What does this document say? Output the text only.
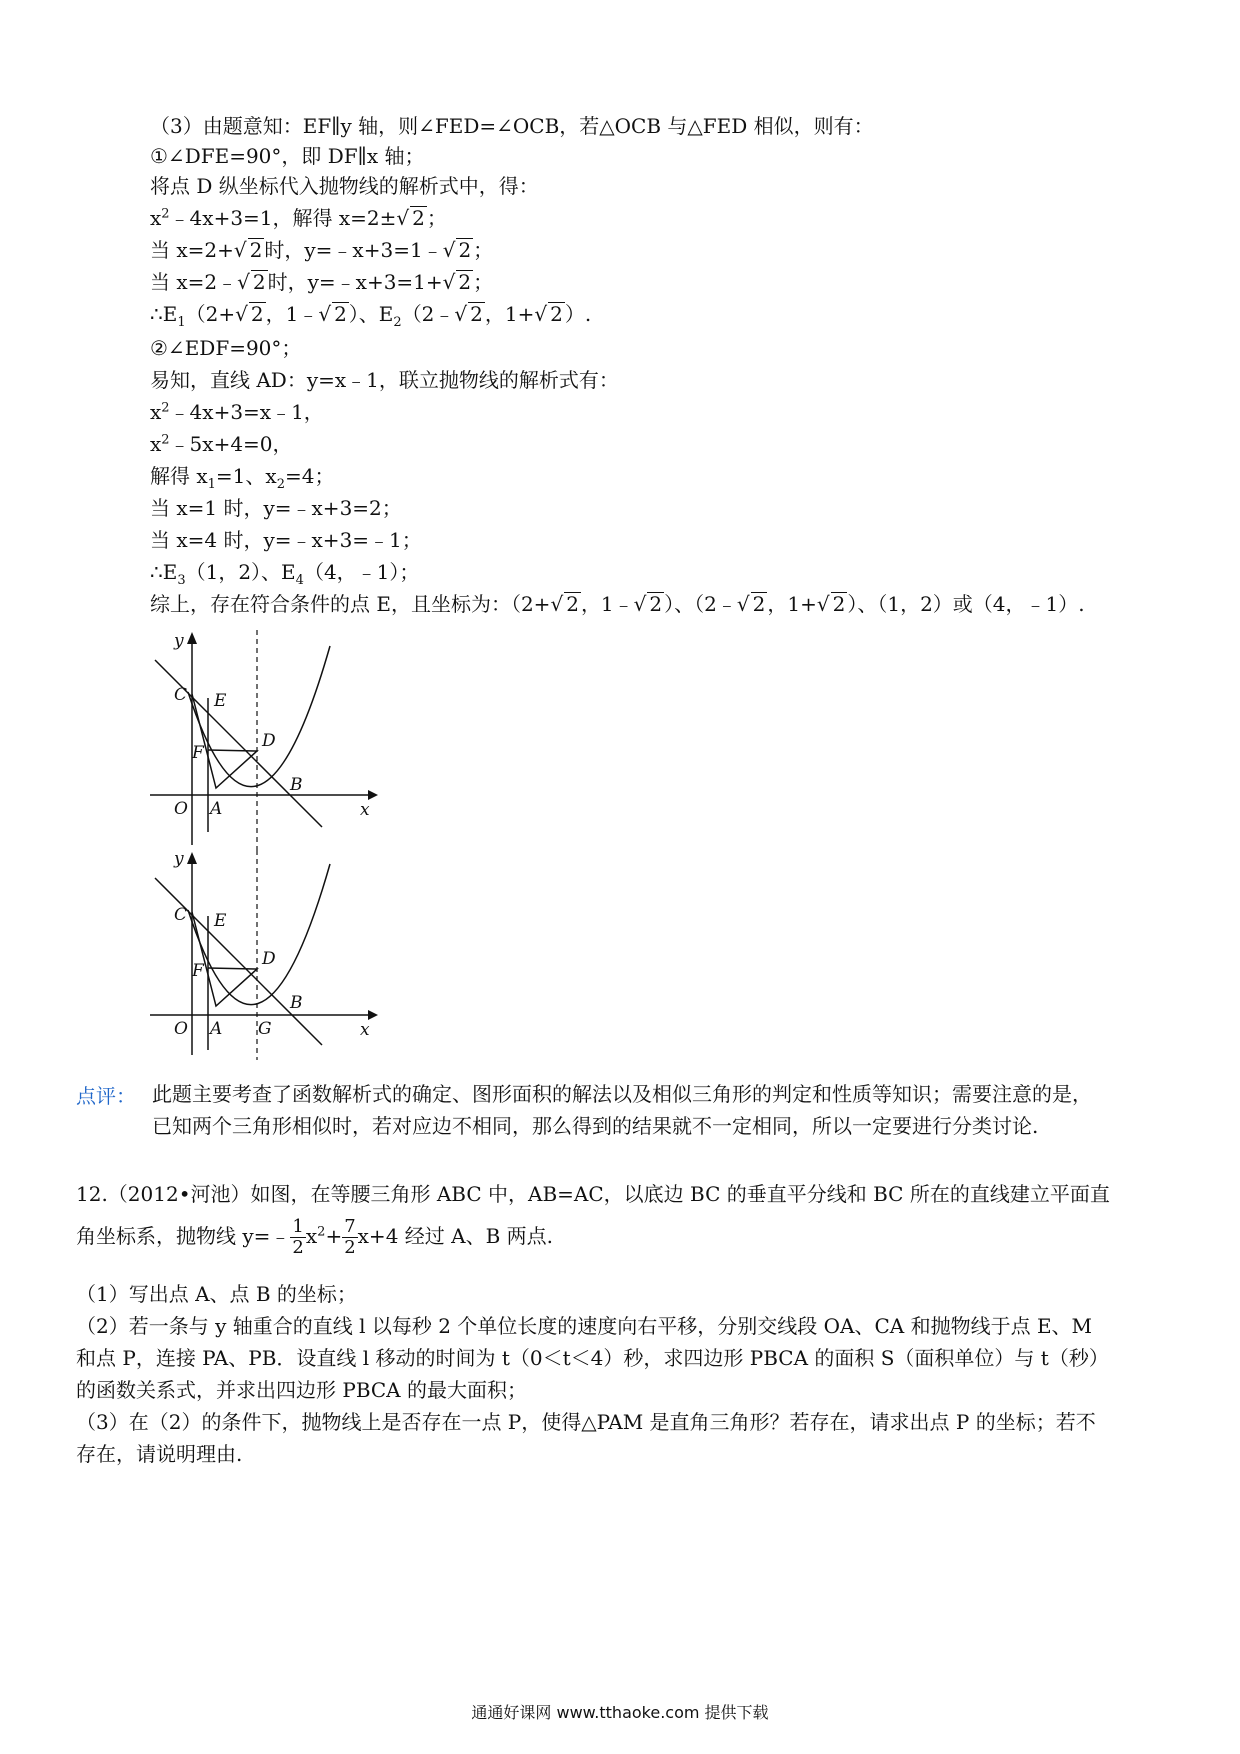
（3）由题意知：EF∥y 轴，则∠FED=∠OCB，若△OCB 与△FED 相似，则有：
①∠DFE=90°，即 DF∥x 轴；
将点 D 纵坐标代入抛物线的解析式中，得：
$x^2﹣4x+3=1$，解得 x=2±√ 2 ；
当 x=2+√ 2 时，y=﹣x+3=1﹣√ 2 ；
当 x=2﹣√ 2 时，y=﹣x+3=1+√ 2 ；
$\therefore E_1(2+√$ 2 ，1﹣√ 2 ）、$E_2(2﹣√$ 2 ，1+√ 2 ）.
②∠EDF=90°；
易知，直线 AD：y=x﹣1，联立抛物线的解析式有：
$x^2﹣4x+3=x﹣1$，
$x^2﹣5x+4=0$，
解得 $x_1=1$、$x_2=4$；
当 x=1 时，y=﹣x+3=2；
当 x=4 时，y=﹣x+3=﹣1；
$\therefore E_3(1$，2）、$E_4(4$，﹣1）；
综上，存在符合条件的点 E，且坐标为：（2+√ 2 ，1﹣√ 2 ）、（2﹣√ 2 ，1+√ 2 ）、（1，2）或（4，﹣1）.
y
C E
D
F
B
O A	x
y
C E
D
F
B
O A G	x
点评： 此题主要考查了函数解析式的确定、图形面积的解法以及相似三角形的判定和性质等知识；需要注意的是，
已知两个三角形相似时，若对应边不相同，那么得到的结果就不一定相同，所以一定要进行分类讨论.
12.（2012•河池）如图，在等腰三角形 ABC 中，AB=AC，以底边 BC 的垂直平分线和 BC 所在的直线建立平面直
角坐标系，抛物线 y=﹣ $\frac{1}{2} x^2+ \frac{7}{2} x+4$ 经过 A、B 两点.
（1）写出点 A、点 B 的坐标；
（2）若一条与 y 轴重合的直线 l 以每秒 2 个单位长度的速度向右平移，分别交线段 OA、CA 和抛物线于点 E、M
和点 P，连接 PA、PB．设直线 l 移动的时间为 t（0＜t＜4）秒，求四边形 PBCA 的面积 S（面积单位）与 t（秒）
的函数关系式，并求出四边形 PBCA 的最大面积；
（3）在（2）的条件下，抛物线上是否存在一点 P，使得△PAM 是直角三角形？若存在，请求出点 P 的坐标；若不
存在，请说明理由.
通通好课网 www.tthaoke.com 提供下载
